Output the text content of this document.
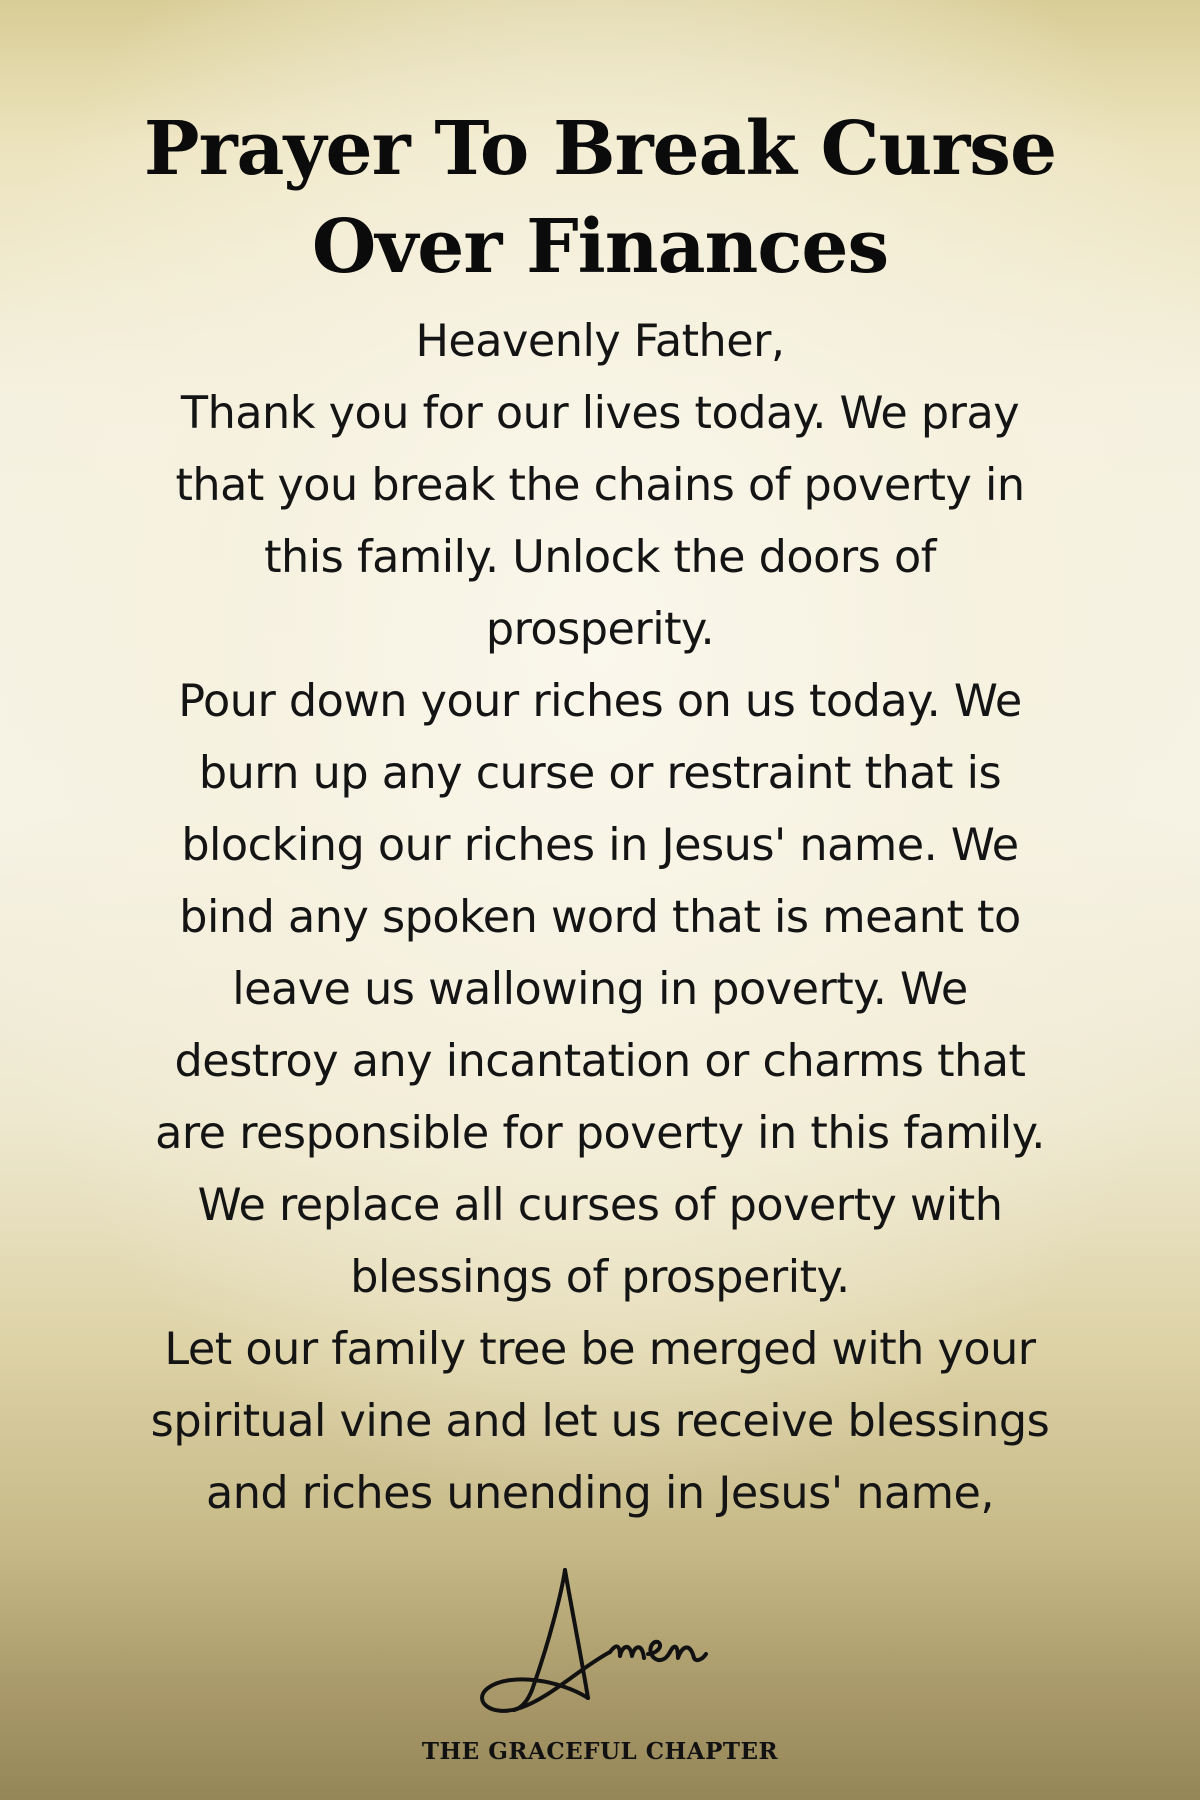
Prayer To Break Curse
Over Finances
Heavenly Father,
Thank you for our lives today. We pray
that you break the chains of poverty in
this family. Unlock the doors of
prosperity.
Pour down your riches on us today. We
burn up any curse or restraint that is
blocking our riches in Jesus' name. We
bind any spoken word that is meant to
leave us wallowing in poverty. We
destroy any incantation or charms that
are responsible for poverty in this family.
We replace all curses of poverty with
blessings of prosperity.
Let our family tree be merged with your
spiritual vine and let us receive blessings
and riches unending in Jesus' name,
THE GRACEFUL CHAPTER
